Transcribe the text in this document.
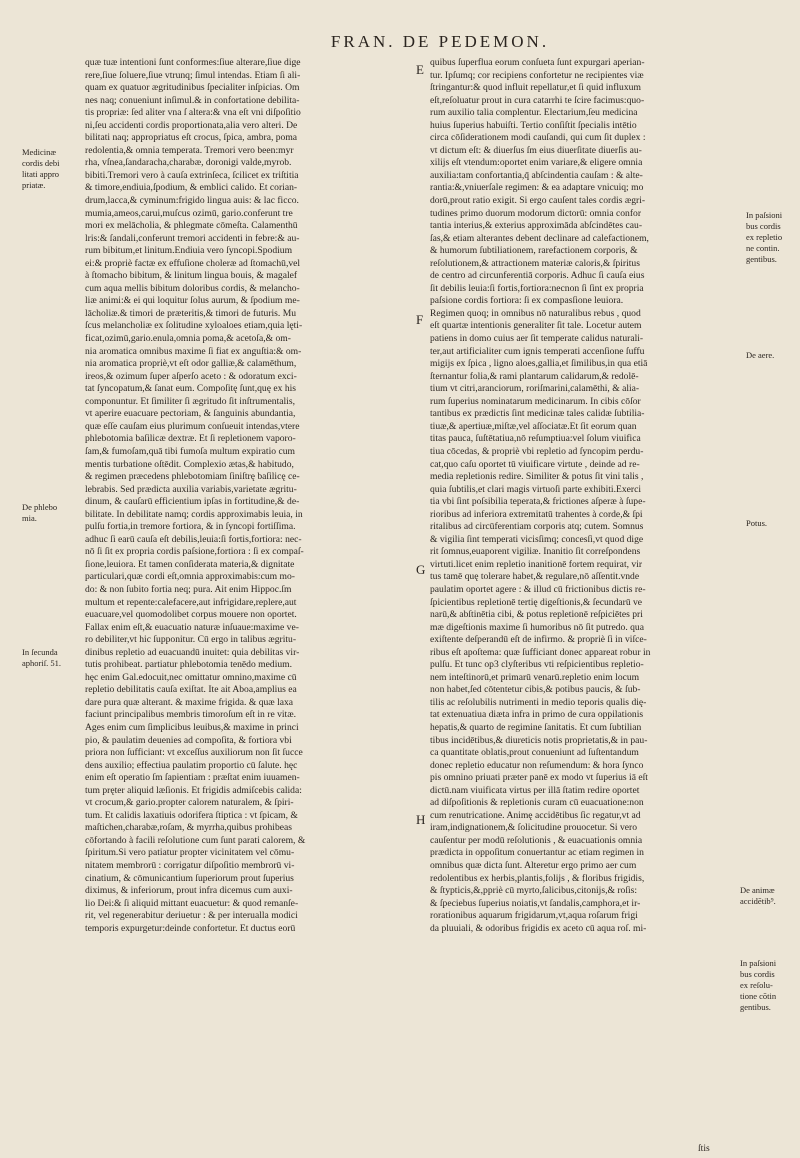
FRAN. DE PEDEMON.
quæ tuæ intentioni ſunt conformes:ſiue alterare,ſiue dige
rere,ſiue ſoluere,ſiue vtrunq; ſimul intendas. Etiam ſi ali-
quam ex quatuor ægritudinibus ſpecialiter inſpicias. Om
nes naq; conueniunt inſimul.& in confortatione debilita-
tis propriæ: ſed aliter vna ſ altera:& vna eſt vni diſpoſitio
ni,ſeu accidenti cordis proportionata,alia vero alteri. De
bilitati naq; appropriatus eſt crocus, ſpica, ambra, poma
redolentia,& omnia temperata. Tremori vero been:myr
rha, vſnea,ſandaracha,charabæ, doronigi valde,myrob.
bibiti.Tremori vero à cauſa extrinſeca, ſcilicet ex triſtitia
& timore,endiuia,ſpodium, & emblici calido. Et corian-
drum,lacca,& cyminum:frigido lingua auis: & lac ficco.
mumia,ameos,carui,muſcus ozimū, gario.conferunt tre
mori ex melācholia, & phlegmate cōmeſta. Calamenthū
lris:& ſandali,conferunt tremori accidenti in febre:& au-
rum bibitum,et linitum.Endiuia vero ſyncopi.Spodium
ei:& propriè factæ ex effuſione choleræ ad ſtomachū,vel
à ſtomacho bibitum, & linitum lingua bouis, & magalef
cum aqua mellis bibitum doloribus cordis, & melancho-
liæ animi:& ei qui loquitur ſolus aurum, & ſpodium me-
lācholiæ.& timori de præteritis,& timori de futuris. Mu
ſcus melancholiæ ex ſolitudine xyloaloes etiam,quia lęti-
ficat,ozimū,gario.enula,omnia poma,& acetoſa,& om-
nia aromatica omnibus maxime ſi fiat ex anguſtia:& om-
nia aromatica propriè,vt eſt odor galliæ,& calamēthum,
ireos,& ozimum ſuper aſperſo aceto : & odoratum exci-
tat ſyncopatum,& ſanat eum. Compoſitę ſunt,quę ex his
componuntur. Et ſimiliter ſi ægritudo ſit inſtrumentalis,
vt aperire euacuare pectoriam, & ſanguinis abundantia,
quæ eſſe cauſam eius plurimum conſueuit intendas,vtere
phlebotomia baſilicæ dextræ. Et ſi repletionem vaporo-
ſam,& fumoſam,quā tibi fumoſa multum expiratio cum
mentis turbatione oſtēdit. Complexio ætas,& habitudo,
& regimen præcedens phlebotomiam ſiniſtrę baſilicę ce-
lebrabis. Sed prædicta auxilia variabis,varietate ægritu-
dinum, & cauſarū efficientium ipſas in fortitudine,& de-
bilitate. In debilitate namq; cordis approximabis leuia, in
pulſu fortia,in tremore fortiora, & in ſyncopi fortiſſima.
adhuc ſi earū cauſa eſt debilis,leuia:ſi fortis,fortiora: nec-
nō ſi ſit ex propria cordis paſsione,fortiora : ſi ex compaſ-
ſione,leuiora. Et tamen conſiderata materia,& dignitate
particulari,quæ cordi eſt,omnia approximabis:cum mo-
do: & non ſubito fortia neq; pura. Ait enim Hippoc.ſm
multum et repente:calefacere,aut infrigidare,replere,aut
euacuare,vel quomodolibet corpus mouere non oportet.
Fallax enim eſt,& euacuatio naturæ inſuaue:maxime ve-
ro debiliter,vt hic ſupponitur. Cū ergo in talibus ægritu-
dinibus repletio ad euacuandū inuitet: quia debilitas vir-
tutis prohibeat. partiatur phlebotomia tenēdo medium.
hęc enim Gal.edocuit,nec omittatur omnino,maxime cū
repletio debilitatis cauſa exiſtat. Ite ait Aboa,amplius ea
dare pura quæ alterant. & maxime frigida. & quæ laxa
faciunt principalibus membris timoroſum eſt in re vitæ.
Ages enim cum ſimplicibus leuibus,& maxime in princi
pio, & paulatim deuenies ad compoſita, & fortiora vbi
priora non ſufficiant: vt exceſſus auxiliorum non ſit ſucce
dens auxilio; effectiua paulatim proportio cū ſalute. hęc
enim eſt operatio ſm ſapientiam : præſtat enim iuuamen-
tum pręter aliquid læſionis. Et frigidis admiſcebis calida:
vt crocum,& gario.propter calorem naturalem, & ſpiri-
tum. Et calidis laxatiuis odorifera ſtiptica : vt ſpicam, &
maſtichen,charabæ,roſam, & myrrha,quibus prohibeas
cōfortando à facili reſolutione cum ſunt parati calorem, &
ſpiritum.Si vero patiatur propter vicinitatem vel cōmu-
nitatem membrorū : corrigatur diſpoſitio membrorū vi-
cinatium, & cōmunicantium ſuperiorum prout ſuperius
diximus, & inferiorum, prout infra dicemus cum auxi-
lio Dei:& ſi aliquid mittant euacuetur: & quod remanſe-
rit, vel regenerabitur deriuetur : & per interualla modici
temporis expurgetur:deinde confortetur. Et ductus eorū
quibus ſuperflua eorum conſueta ſunt expurgari aperian-
tur. Ipſumq; cor recipiens confortetur ne recipientes viæ
ſtringantur:& quod influit repellatur,et ſi quid influxum
eſt,reſoluatur prout in cura catarrhi te ſcire facimus:quo-
rum auxilio talia complentur. Electarium,ſeu medicina
huius ſuperius habuiſti. Tertio conſiſtit ſpecialis intētio
circa cōſiderationem modi cauſandi, qui cum ſit duplex :
vt dictum eſt: & diuerſus ſm eius diuerſitate diuerſis au-
xilijs eſt vtendum:oportet enim variare,& eligere omnia
auxilia:tam confortantia,q̄ abſcindentia cauſam : & alte-
rantia:&,vniuerſale regimen: & ea adaptare vnicuiq; mo
dorū,prout ratio exigit. Si ergo cauſent tales cordis ægri-
tudines primo duorum modorum dictorū: omnia confor
tantia interius,& exterius approximāda abſcindētes cau-
ſas,& etiam alterantes debent declinare ad calefactionem,
& humorum ſubtiliationem, rarefactionem corporis, &
reſolutionem,& attractionem materiæ caloris,& ſpiritus
de centro ad circunferentiā corporis. Adhuc ſi cauſa eius
ſit debilis leuia:ſi fortis,fortiora:necnon ſi ſint ex propria
paſsione cordis fortiora: ſi ex compasſione leuiora.
Regimen quoq; in omnibus nō naturalibus rebus , quod
eſt quartæ intentionis generaliter ſit tale. Locetur autem
patiens in domo cuius aer ſit temperate calidus naturali-
ter,aut artificialiter cum ignis temperati accenſione ſuffu
migijs ex ſpica , ligno aloes,gallia,et ſimilibus,in qua etiā
ſternantur folia,& rami plantarum calidarum,& redolē-
tium vt citri,aranciorum, roriſmarini,calamēthi, & alia-
rum ſuperius nominatarum medicinarum. In cibis cōſor
tantibus ex prædictis ſint medicinæ tales calidæ ſubtilia-
tiuæ,& apertiuæ,miſtæ,vel aſſociatæ.Et ſit eorum quan
titas pauca, ſuſtētatiua,nō reſumptiua:vel ſolum viuifica
tiua cōcedas, & propriè vbi repletio ad ſyncopim perdu-
cat,quo caſu oportet tū viuificare virtute , deinde ad re-
media repletionis redire. Similiter & potus ſit vini talis ,
quia ſubtilis,et clari magis virtuoſi parte exhibiti.Exerci
tia vbi ſint poſsibilia teperata,& frictiones aſperæ à ſupe-
rioribus ad inferiora extremitatū trahentes à corde,& ſpi
ritalibus ad circūferentiam corporis atq; cutem. Somnus
& vigilia ſint temperati vicisſimq; concesſi,vt quod dige
rit ſomnus,euaporent vigiliæ. Inanitio ſit correſpondens
virtuti.licet enim repletio inanitionē fortem requirat, vir
tus tamē quę tolerare habet,& regulare,nō aſſentit.vnde
paulatim oportet agere : & illud cū frictionibus dictis re-
ſpicientibus repletionē tertię digeſtionis,& ſecundarū ve
narū,& abſtinētia cibi, & potus repletionē reſpiciētes pri
mæ digeſtionis maxime ſi humoribus nō ſit putredo. qua
exiſtente deſperandū eſt de infirmo. & propriè ſi in viſce-
ribus eſt apoſtema: quæ ſufficiant donec appareat robur in
pulſu. Et tunc op3 clyſteribus vti reſpicientibus repletio-
nem inteſtinorū,et primarū venarū.repletio enim locum
non habet,ſed cōtentetur cibis,& potibus paucis, & ſub-
tilis ac reſolubilis nutrimenti in medio teporis qualis dię-
tat extenuatiua diæta infra in primo de cura oppilationis
hepatis,& quarto de regimine ſanitatis. Et cum ſubtilian
tibus incidētibus,& diureticis notis proprietatis,& in pau-
ca quantitate oblatis,prout conueniunt ad ſuſtentandum
donec repletio educatur non reſumendum: & hora ſynco
pis omnino priuati præter panē ex modo vt ſuperius iā eſt
dictū.nam viuificata virtus per illā ſtatim redire oportet
ad diſpoſitionis & repletionis curam cū euacuatione:non
cum renutricatione. Animę accidētibus ſic regatur,vt ad
iram,indignationem,& ſolicitudine prouocetur. Si vero
cauſentur per modū reſolutionis , & euacuationis omnia
prædicta in oppoſitum conuertantur ac etiam regimen in
omnibus quæ dicta ſunt. Alteretur ergo primo aer cum
redolentibus ex herbis,plantis,folijs , & floribus frigidis,
& ſtypticis,&,ppriè cū myrto,ſalicibus,citonijs,& roſis:
& ſpeciebus ſuperius noiatis,vt ſandalis,camphora,et ir-
rorationibus aquarum frigidarum,vt,aqua roſarum frigi
da pluuiali, & odoribus frigidis ex aceto cū aqua roſ. mi-
E
F
G
H
Medicinæ
cordis debi
litati appro
priatæ.
De phlebo
mia.
In ſecunda
aphoriſ. 51.
In paſsioni
bus cordis
ex repletio
ne contin.
gentibus.
De aere.
Potus.
De animæ
accidētib⁹.
In paſsioni
bus cordis
ex reſolu-
tione cōtin
gentibus.
ſtis
